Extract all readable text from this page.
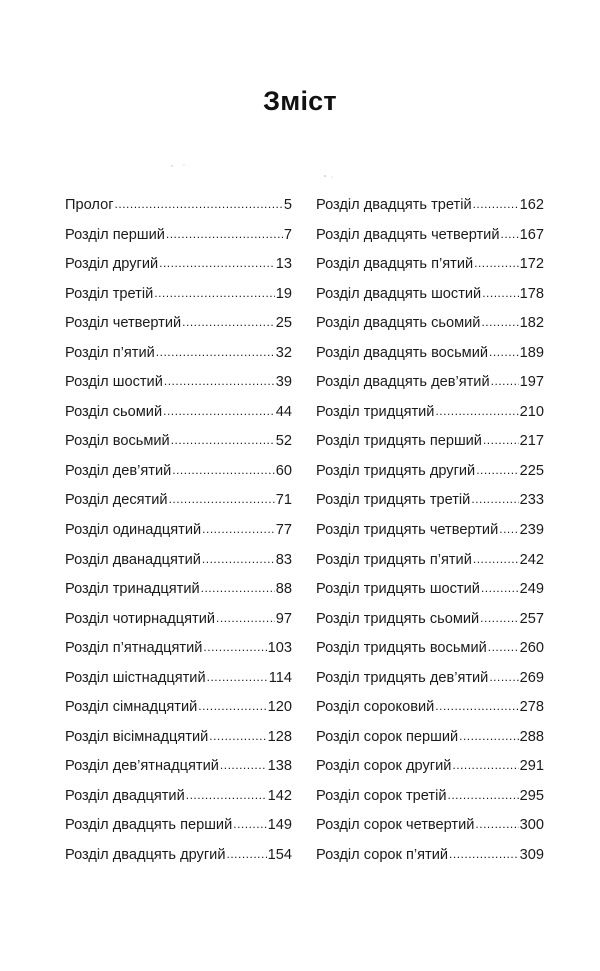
Зміст
Пролог .....	5
Розділ перший .....	7
Розділ другий .....	13
Розділ третій .....	19
Розділ четвертий .....	25
Розділ п’ятий .....	32
Розділ шостий .....	39
Розділ сьомий .....	44
Розділ восьмий .....	52
Розділ дев’ятий .....	60
Розділ десятий .....	71
Розділ одинадцятий .....	77
Розділ дванадцятий .....	83
Розділ тринадцятий .....	88
Розділ чотирнадцятий .....	97
Розділ п’ятнадцятий .....	103
Розділ шістнадцятий .....	114
Розділ сімнадцятий .....	120
Розділ вісімнадцятий .....	128
Розділ дев’ятнадцятий .....	138
Розділ двадцятий .....	142
Розділ двадцять перший ..... 149
Розділ двадцять другий .....	154
Розділ двадцять третій .....	162
Розділ двадцять четвертий ..... 167
Розділ двадцять п’ятий .....	172
Розділ двадцять шостий .....	178
Розділ двадцять сьомий .....	182
Розділ двадцять восьмий ..... 189
Розділ двадцять дев’ятий ..... 197
Розділ тридцятий .....	210
Розділ тридцять перший .....	217
Розділ тридцять другий .....	225
Розділ тридцять третій .....	233
Розділ тридцять четвертий ..... 239
Розділ тридцять п’ятий .....	242
Розділ тридцять шостий .....	249
Розділ тридцять сьомий .....	257
Розділ тридцять восьмий ..... 260
Розділ тридцять дев’ятий ..... 269
Розділ сороковий .....	278
Розділ сорок перший .....	288
Розділ сорок другий .....	291
Розділ сорок третій .....	295
Розділ сорок четвертий .....	300
Розділ сорок п’ятий .....	309
